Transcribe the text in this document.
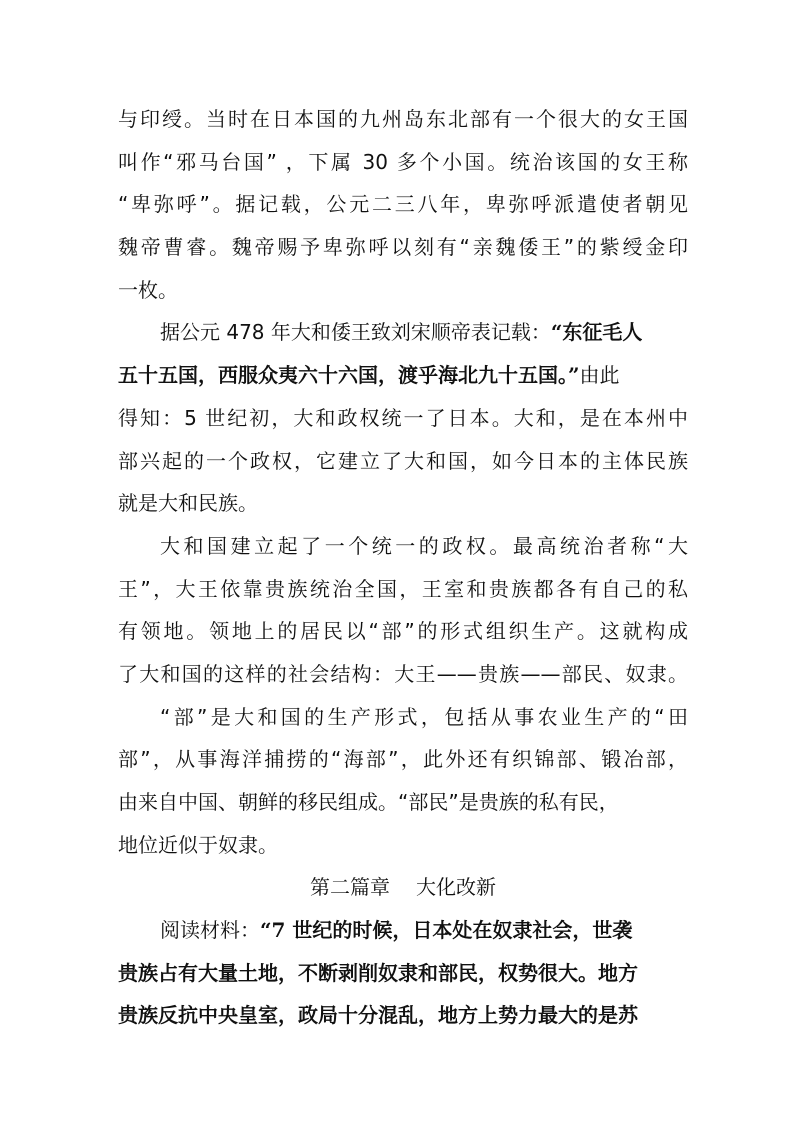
与印绶。当时在日本国的九州岛东北部有一个很大的女王国
叫作“邪马台国” ，下属 30 多个小国。统治该国的女王称
“卑弥呼”。据记载，公元二三八年，卑弥呼派遣使者朝见
魏帝曹睿。魏帝赐予卑弥呼以刻有“亲魏倭王”的紫绶金印
一枚。
据公元 478 年大和倭王致刘宋顺帝表记载：“东征毛人
五十五国，西服众夷六十六国，渡乎海北九十五国。”由此
得知：5 世纪初，大和政权统一了日本。大和，是在本州中
部兴起的一个政权，它建立了大和国，如今日本的主体民族
就是大和民族。
大和国建立起了一个统一的政权。最高统治者称“大
王”，大王依靠贵族统治全国，王室和贵族都各有自己的私
有领地。领地上的居民以“部”的形式组织生产。这就构成
了大和国的这样的社会结构：大王——贵族——部民、奴隶。
“部”是大和国的生产形式，包括从事农业生产的“田
部”，从事海洋捕捞的“海部”，此外还有织锦部、锻冶部，
由来自中国、朝鲜的移民组成。“部民”是贵族的私有民，
地位近似于奴隶。
第二篇章 大化改新
阅读材料：“7 世纪的时候，日本处在奴隶社会，世袭
贵族占有大量土地，不断剥削奴隶和部民，权势很大。地方
贵族反抗中央皇室，政局十分混乱，地方上势力最大的是苏
